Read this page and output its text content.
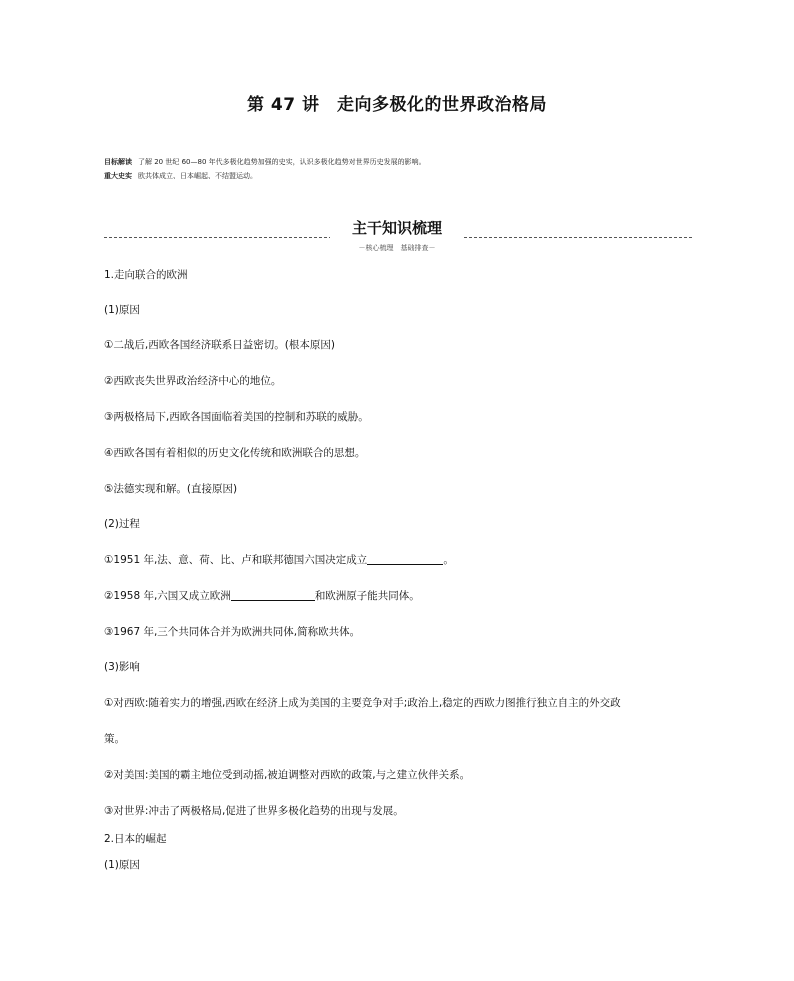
第 47 讲　走向多极化的世界政治格局
目标解读 了解 20 世纪 60—80 年代多极化趋势加强的史实，认识多极化趋势对世界历史发展的影响。
重大史实 欧共体成立、日本崛起、不结盟运动。
主干知识梳理
－核心梳理　基础排查－
1.走向联合的欧洲
(1)原因
①二战后,西欧各国经济联系日益密切。(根本原因)
②西欧丧失世界政治经济中心的地位。
③两极格局下,西欧各国面临着美国的控制和苏联的威胁。
④西欧各国有着相似的历史文化传统和欧洲联合的思想。
⑤法德实现和解。(直接原因)
(2)过程
①1951 年,法、意、荷、比、卢和联邦德国六国决定成立	。
②1958 年,六国又成立欧洲	和欧洲原子能共同体。
③1967 年,三个共同体合并为欧洲共同体,简称欧共体。
(3)影响
①对西欧:随着实力的增强,西欧在经济上成为美国的主要竞争对手;政治上,稳定的西欧力图推行独立自主的外交政
策。
②对美国:美国的霸主地位受到动摇,被迫调整对西欧的政策,与之建立伙伴关系。
③对世界:冲击了两极格局,促进了世界多极化趋势的出现与发展。
2.日本的崛起
(1)原因
